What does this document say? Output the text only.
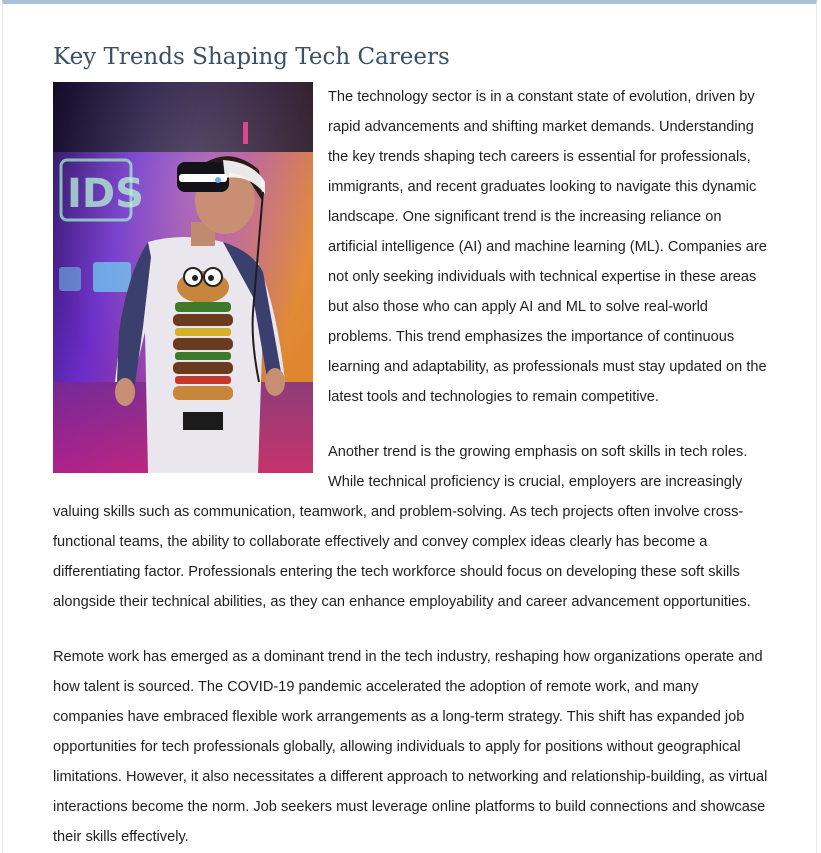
Key Trends Shaping Tech Careers
IDS

The technology sector is in a constant state of evolution, driven by rapid advancements and shifting market demands. Understanding the key trends shaping tech careers is essential for professionals, immigrants, and recent graduates looking to navigate this dynamic landscape. One significant trend is the increasing reliance on artificial intelligence (AI) and machine learning (ML). Companies are not only seeking individuals with technical expertise in these areas but also those who can apply AI and ML to solve real-world problems. This trend emphasizes the importance of continuous learning and adaptability, as professionals must stay updated on the latest tools and technologies to remain competitive.

Another trend is the growing emphasis on soft skills in tech roles. While technical proficiency is crucial, employers are increasingly valuing skills such as communication, teamwork, and problem-solving. As tech projects often involve cross-functional teams, the ability to collaborate effectively and convey complex ideas clearly has become a differentiating factor. Professionals entering the tech workforce should focus on developing these soft skills alongside their technical abilities, as they can enhance employability and career advancement opportunities.

Remote work has emerged as a dominant trend in the tech industry, reshaping how organizations operate and how talent is sourced. The COVID-19 pandemic accelerated the adoption of remote work, and many companies have embraced flexible work arrangements as a long-term strategy. This shift has expanded job opportunities for tech professionals globally, allowing individuals to apply for positions without geographical limitations. However, it also necessitates a different approach to networking and relationship-building, as virtual interactions become the norm. Job seekers must leverage online platforms to build connections and showcase their skills effectively.
